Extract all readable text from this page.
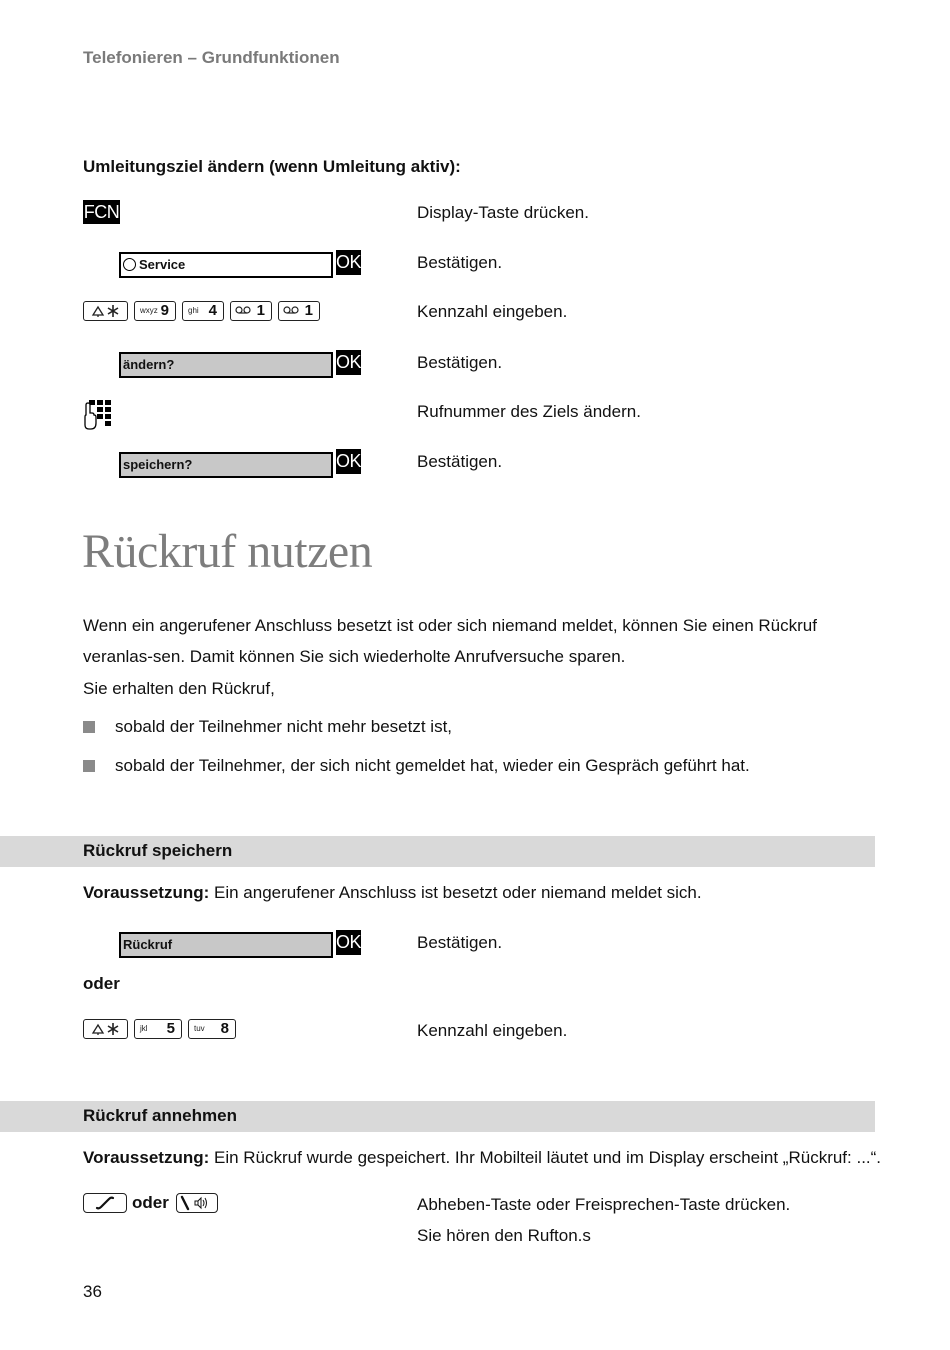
Telefonieren – Grundfunktionen
Umleitungsziel ändern (wenn Umleitung aktiv):
FCN	Display-Taste drücken.
Service	OK	Bestätigen.
wxyz 9 ghi 4	1	1	Kennzahl eingeben.
ändern?	OK	Bestätigen.
Rufnummer des Ziels ändern.
speichern?	OK	Bestätigen.
Rückruf nutzen
Wenn ein angerufener Anschluss besetzt ist oder sich niemand meldet, können Sie einen Rückruf veranlas-sen. Damit können Sie sich wiederholte Anrufversuche sparen.
Sie erhalten den Rückruf,
sobald der Teilnehmer nicht mehr besetzt ist,
sobald der Teilnehmer, der sich nicht gemeldet hat, wieder ein Gespräch geführt hat.
Rückruf speichern
Voraussetzung: Ein angerufener Anschluss ist besetzt oder niemand meldet sich.
Rückruf	OK	Bestätigen.
oder
jkl 5 tuv 8	Kennzahl eingeben.
Rückruf annehmen
Voraussetzung: Ein Rückruf wurde gespeichert. Ihr Mobilteil läutet und im Display erscheint „Rückruf: ...“.
oder	Abheben-Taste oder Freisprechen-Taste drücken.
Sie hören den Rufton.s
36
